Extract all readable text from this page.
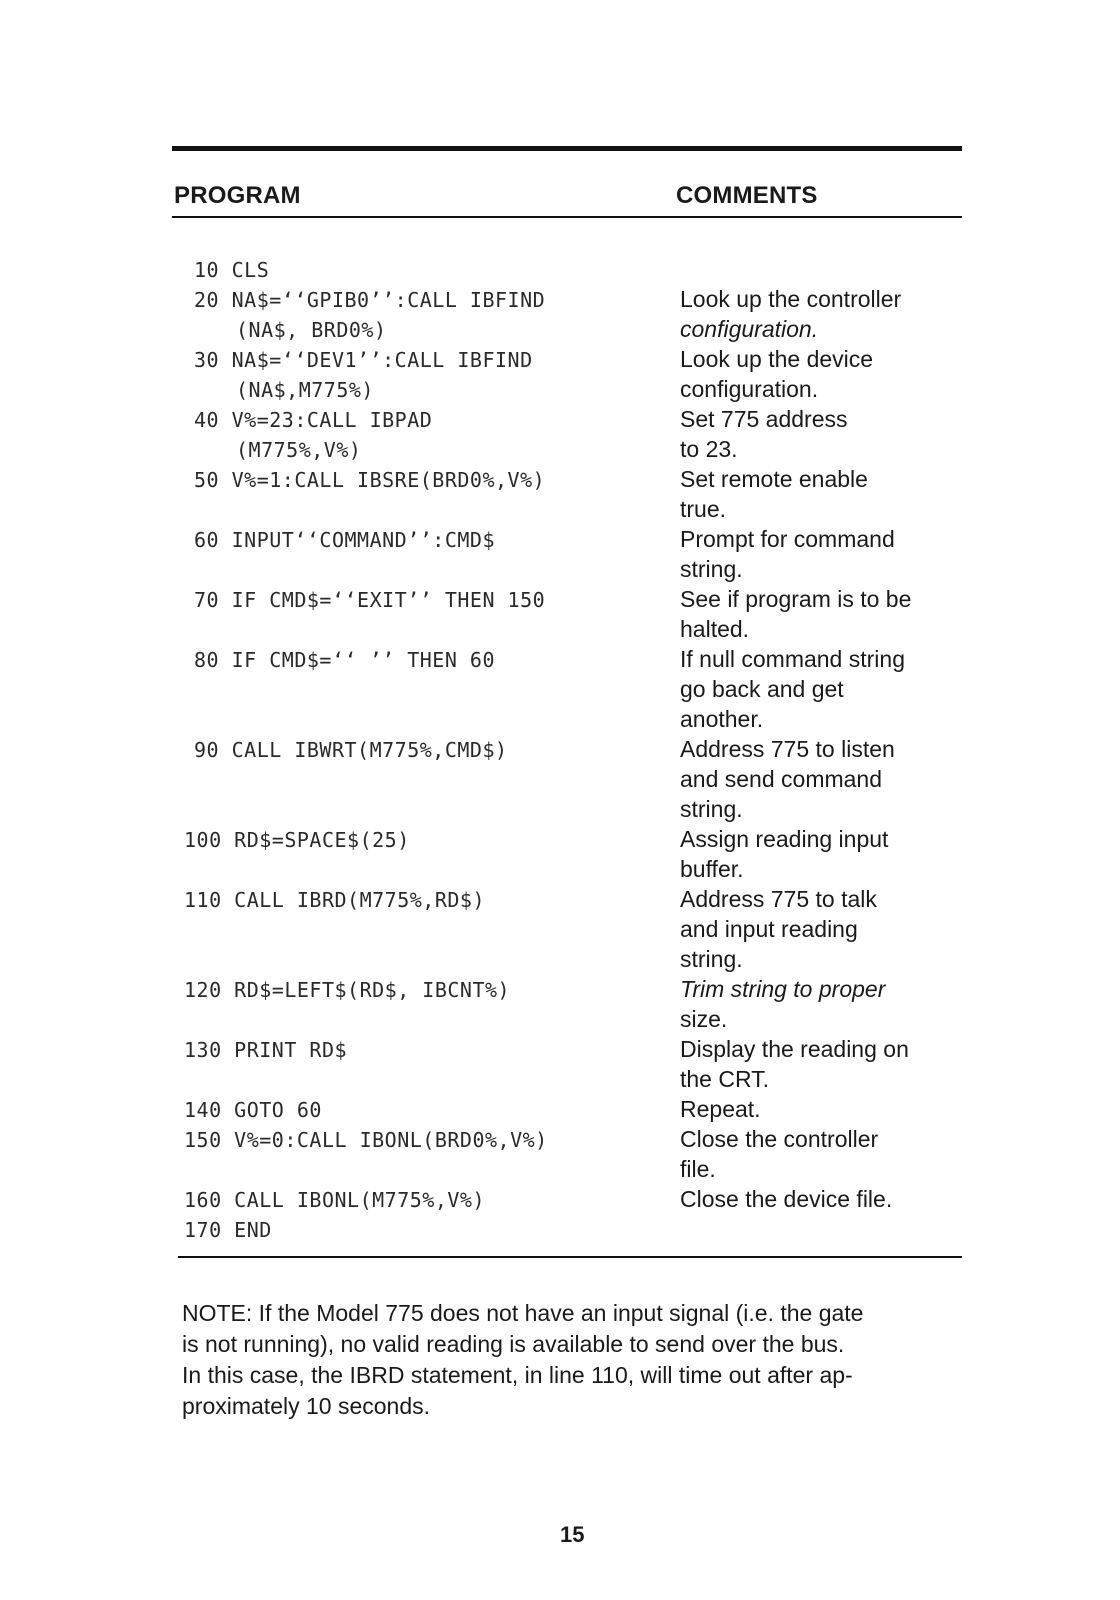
PROGRAM	COMMENTS
10 CLS
20 NA$=‘‘GPIB0’’:CALL IBFIND	Look up the controller
(NA$, BRD0%)	configuration.
30 NA$=‘‘DEV1’’:CALL IBFIND	Look up the device
(NA$,M775%)	configuration.
40 V%=23:CALL IBPAD	Set 775 address
(M775%,V%)	to 23.
50 V%=1:CALL IBSRE(BRD0%,V%)	Set remote enable
true.
60 INPUT‘‘COMMAND’’:CMD$	Prompt for command
string.
70 IF CMD$=‘‘EXIT’’ THEN 150	See if program is to be
halted.
80 IF CMD$=‘‘ ’’ THEN 60	If null command string
go back and get
another.
90 CALL IBWRT(M775%,CMD$)	Address 775 to listen
and send command
string.
100 RD$=SPACE$(25)	Assign reading input
buffer.
110 CALL IBRD(M775%,RD$)	Address 775 to talk
and input reading
string.
120 RD$=LEFT$(RD$, IBCNT%)	Trim string to proper
size.
130 PRINT RD$	Display the reading on
the CRT.
140 GOTO 60	Repeat.
150 V%=0:CALL IBONL(BRD0%,V%)	Close the controller
file.
160 CALL IBONL(M775%,V%)	Close the device file.
170 END

NOTE: If the Model 775 does not have an input signal (i.e. the gate

is not running), no valid reading is available to send over the bus.

In this case, the IBRD statement, in line 110, will time out after ap-

proximately 10 seconds.

15
